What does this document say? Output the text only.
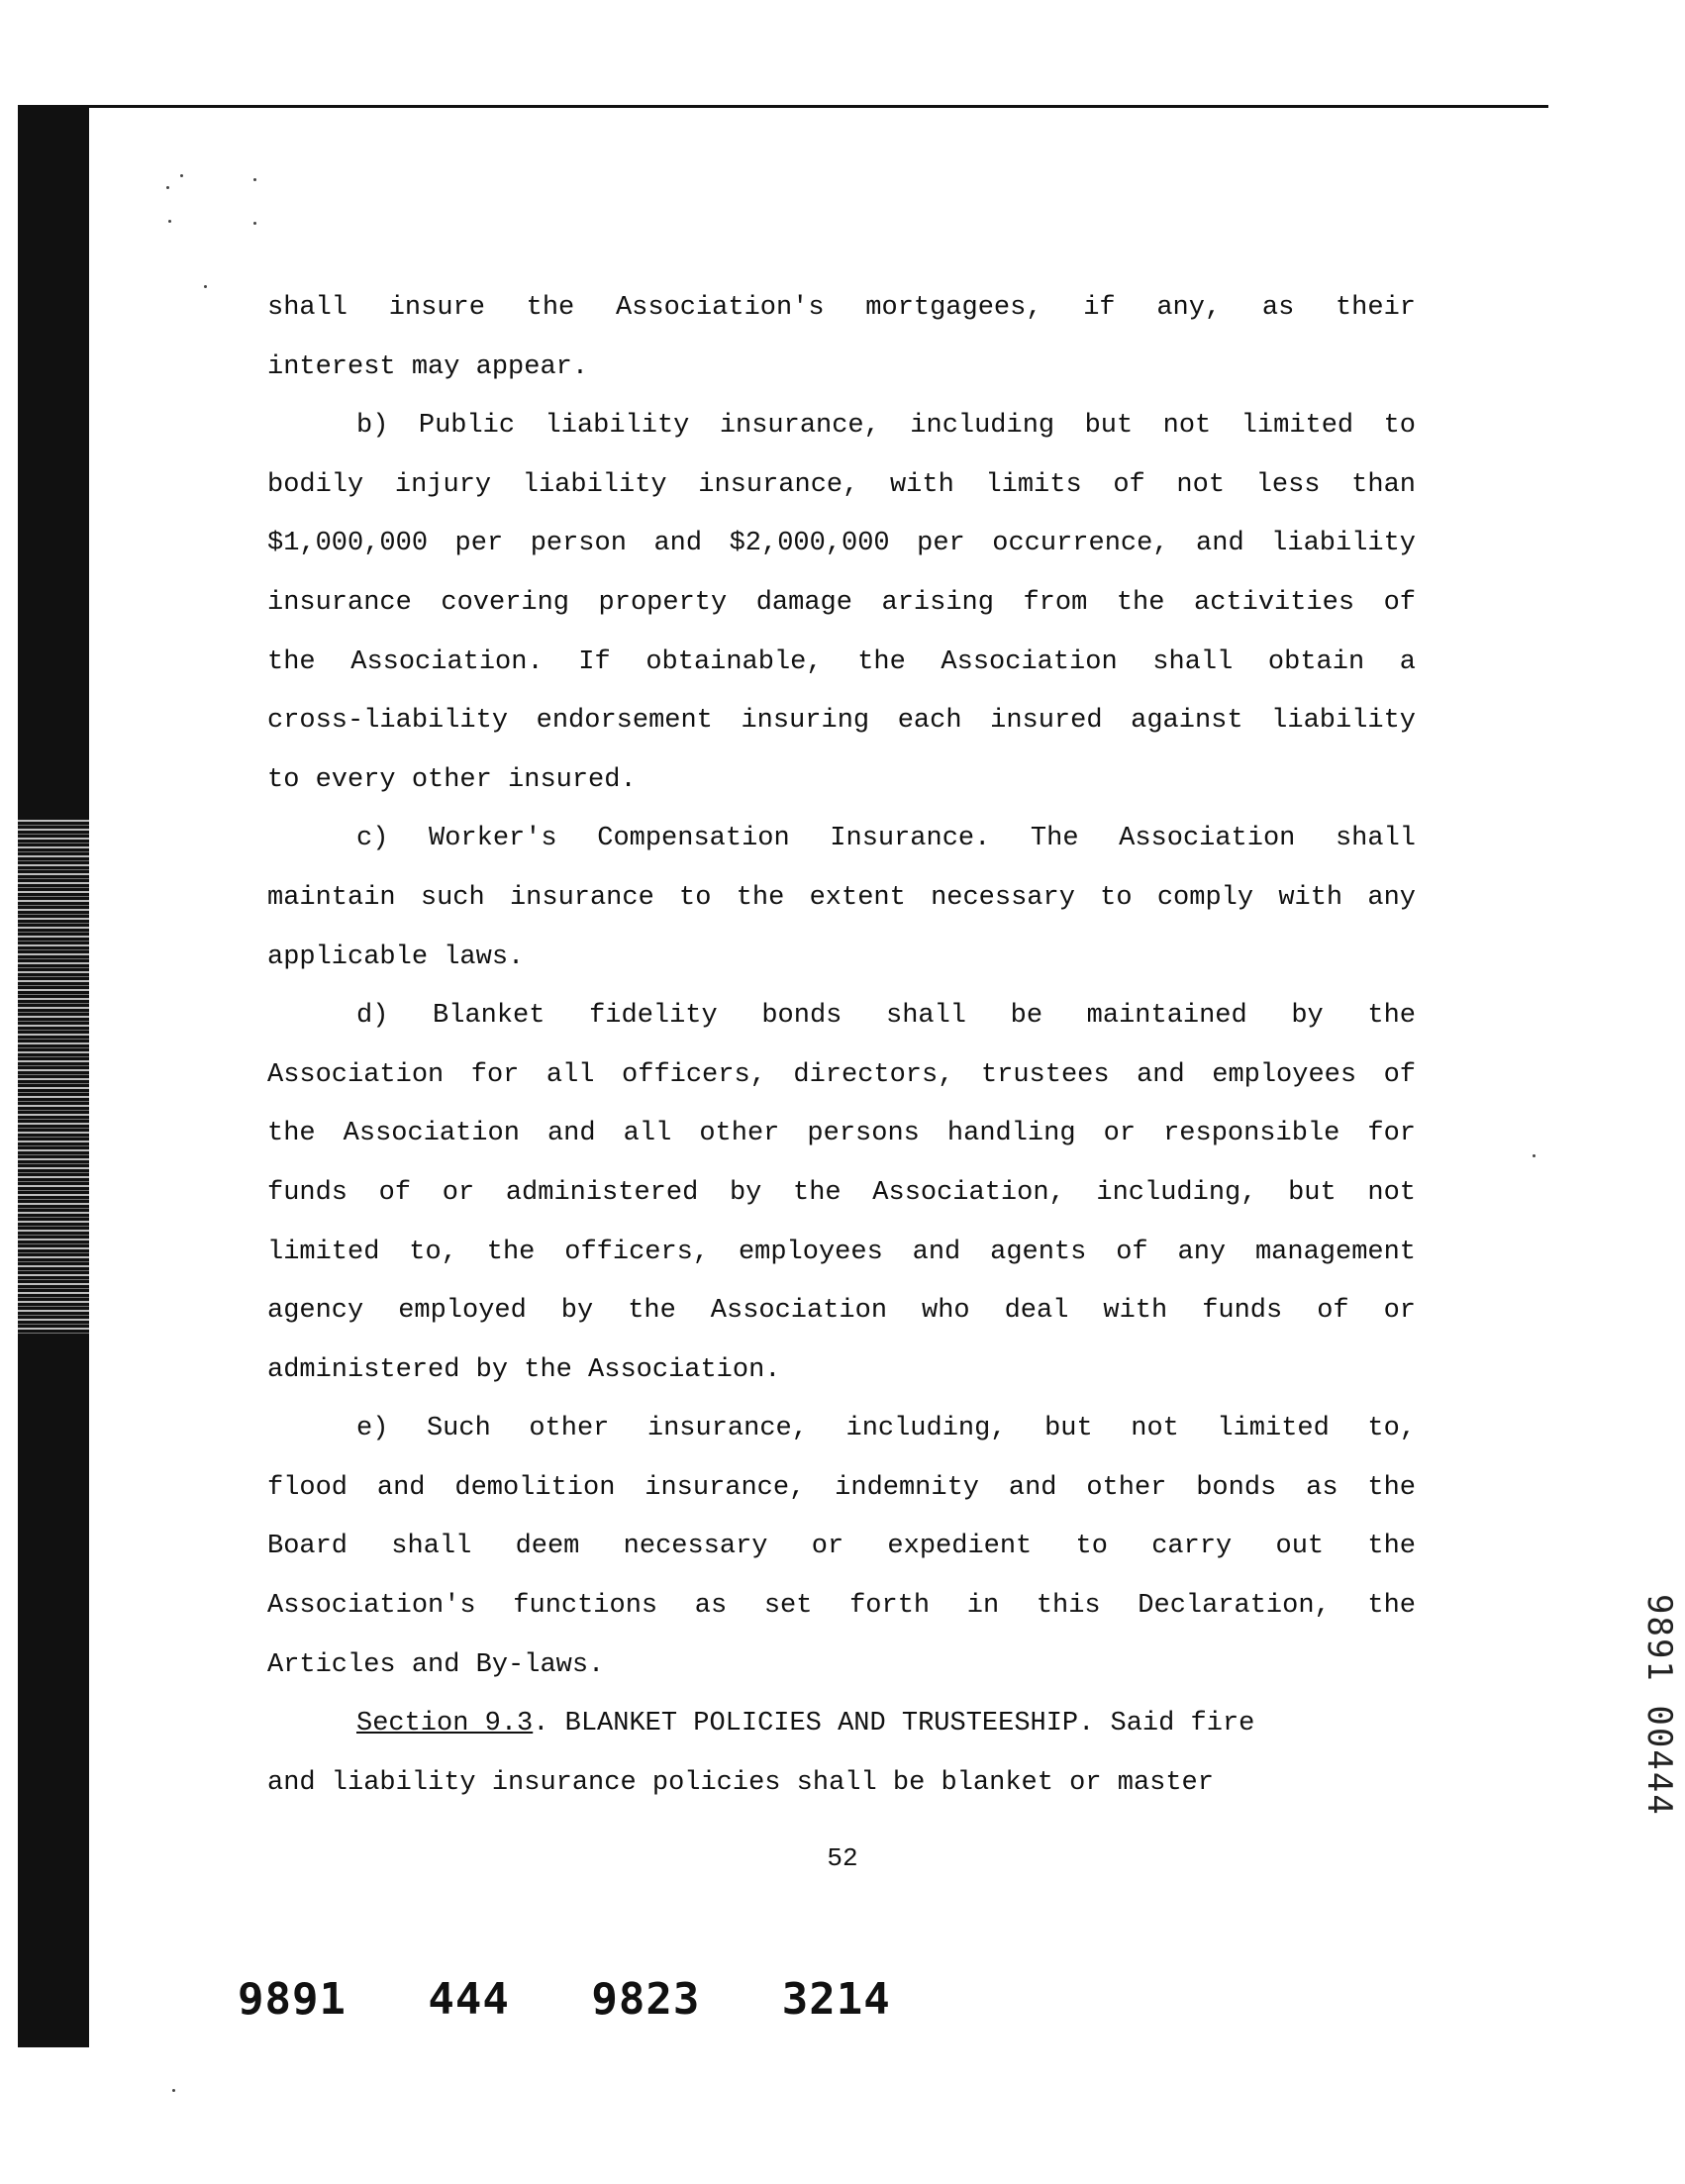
shall insure the Association's mortgagees, if any, as their
interest may appear.
b) Public liability insurance, including but not limited to
bodily injury liability insurance, with limits of not less than
$1,000,000 per person and $2,000,000 per occurrence, and liability
insurance covering property damage arising from the activities of
the Association. If obtainable, the Association shall obtain a
cross-liability endorsement insuring each insured against liability
to every other insured.
c) Worker's Compensation Insurance. The Association shall
maintain such insurance to the extent necessary to comply with any
applicable laws.
d) Blanket fidelity bonds shall be maintained by the
Association for all officers, directors, trustees and employees of
the Association and all other persons handling or responsible for
funds of or administered by the Association, including, but not
limited to, the officers, employees and agents of any management
agency employed by the Association who deal with funds of or
administered by the Association.
e) Such other insurance, including, but not limited to,
flood and demolition insurance, indemnity and other bonds as the
Board shall deem necessary or expedient to carry out the
Association's functions as set forth in this Declaration, the
Articles and By-laws.
Section 9.3 . BLANKET POLICIES AND TRUSTEESHIP. Said fire
and liability insurance policies shall be blanket or master
52
9891   444   9823   3214
9891 00444
